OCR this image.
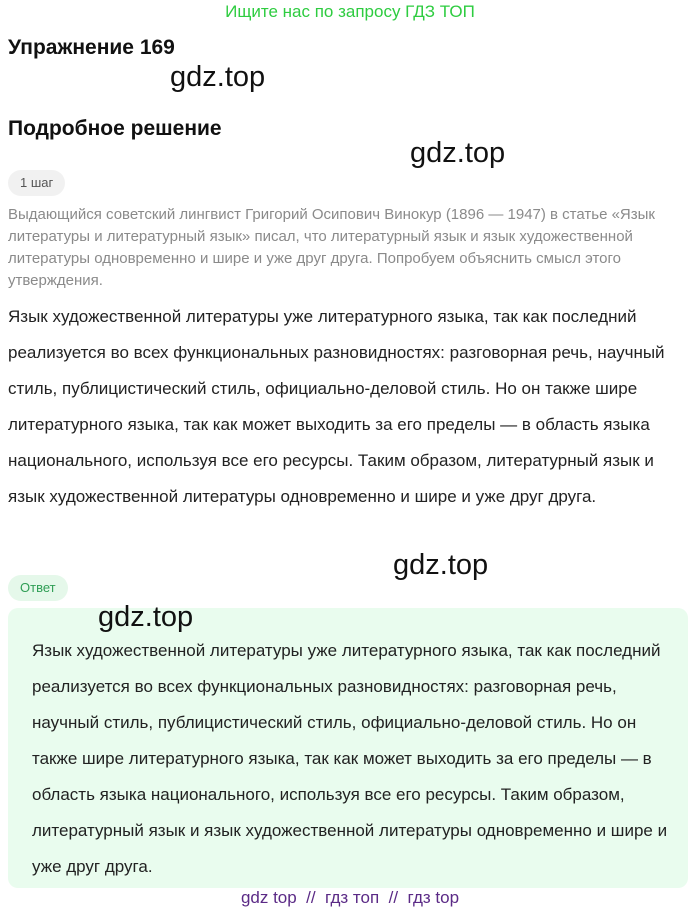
Ищите нас по запросу ГДЗ ТОП
Упражнение 169
gdz.top
Подробное решение
gdz.top
1 шаг
Выдающийся советский лингвист Григорий Осипович Винокур (1896 — 1947) в статье «Язык литературы и литературный язык» писал, что литературный язык и язык художественной литературы одновременно и шире и уже друг друга. Попробуем объяснить смысл этого утверждения.
Язык художественной литературы уже литературного языка, так как последний реализуется во всех функциональных разновидностях: разговорная речь, научный стиль, публицистический стиль, официально-деловой стиль. Но он также шире литературного языка, так как может выходить за его пределы — в область языка национального, используя все его ресурсы. Таким образом, литературный язык и язык художественной литературы одновременно и шире и уже друг друга.
Ответ
gdz.top
gdz.top
Язык художественной литературы уже литературного языка, так как последний реализуется во всех функциональных разновидностях: разговорная речь, научный стиль, публицистический стиль, официально-деловой стиль. Но он также шире литературного языка, так как может выходить за его пределы — в область языка национального, используя все его ресурсы. Таким образом, литературный язык и язык художественной литературы одновременно и шире и уже друг друга.
gdz top  //  гдз топ  //  гдз top
